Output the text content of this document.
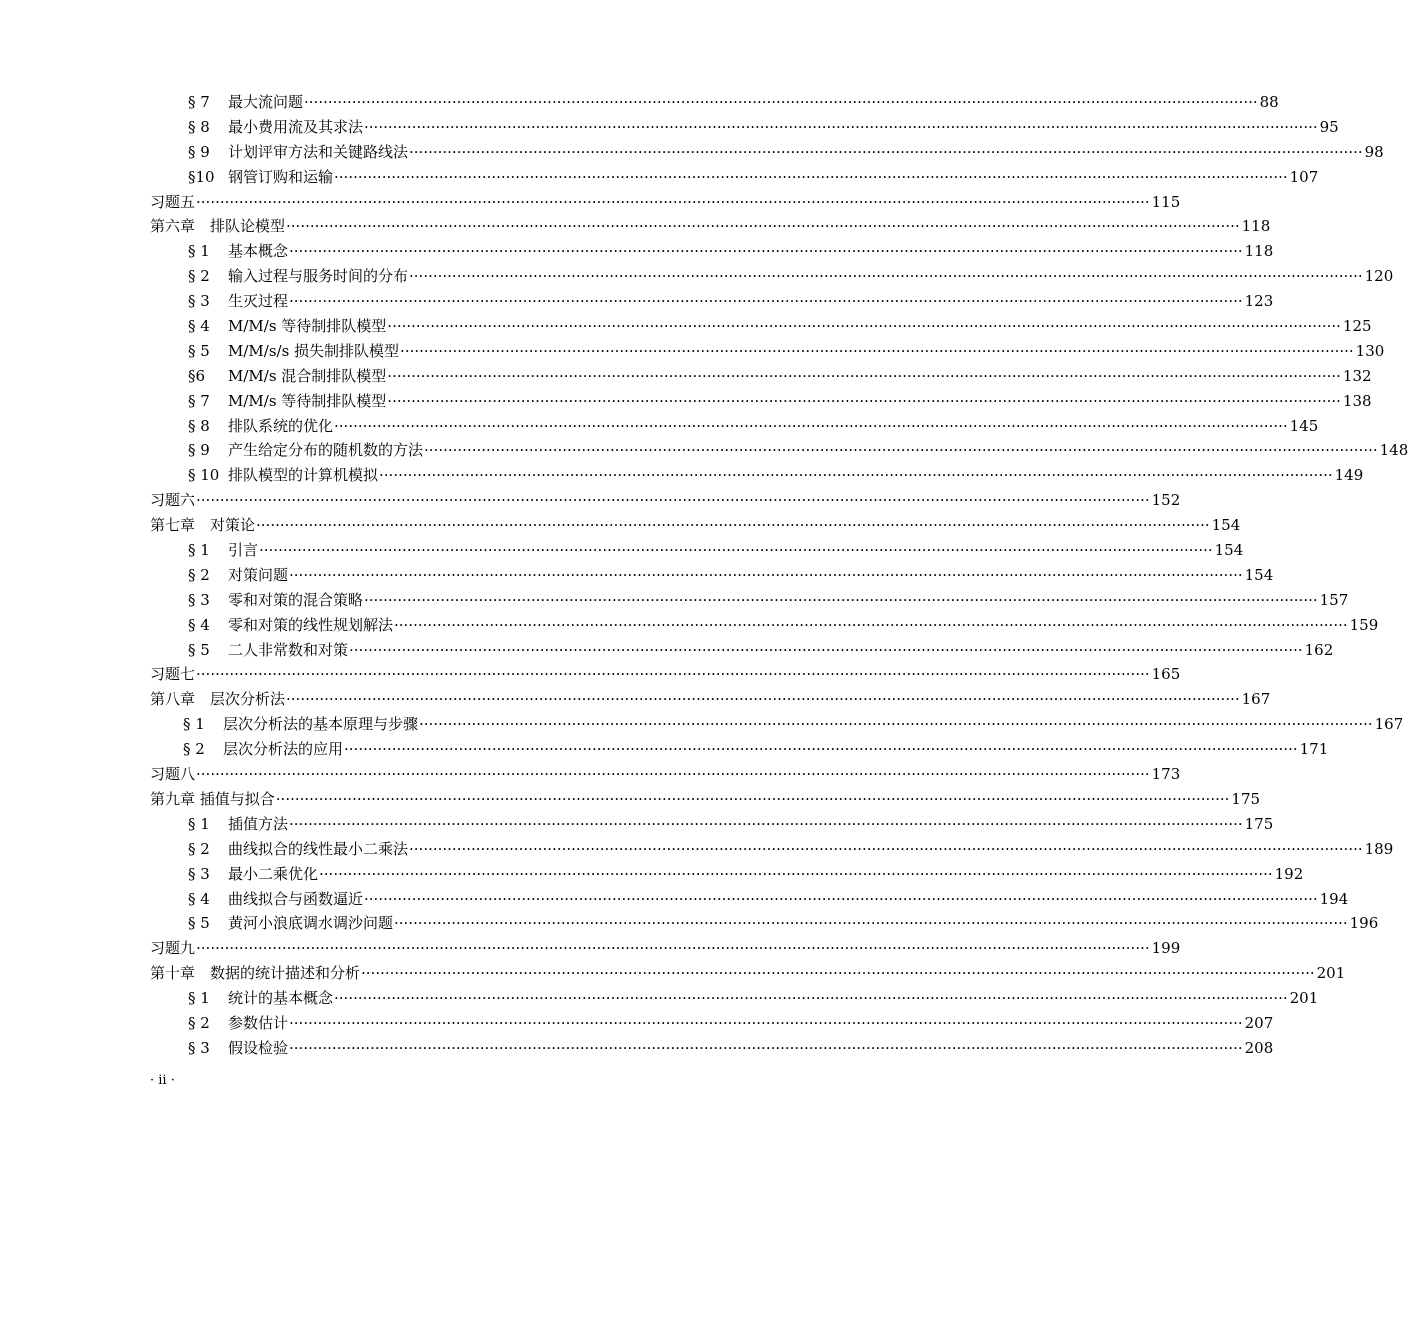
§ 7	最大流问题 ········································································································································································································ 88
§ 8	最小费用流及其求法 ········································································································································································································ 95
§ 9	计划评审方法和关键路线法 ········································································································································································································ 98
§10 钢管订购和运输 ········································································································································································································ 107
习题五 ········································································································································································································ 115
第六章　排队论模型 ········································································································································································································ 118
§ 1	基本概念 ········································································································································································································ 118
§ 2	输入过程与服务时间的分布 ········································································································································································································ 120
§ 3	生灭过程 ········································································································································································································ 123
§ 4	M/M/s 等待制排队模型 ········································································································································································································ 125
§ 5	M/M/s/s 损失制排队模型 ········································································································································································································ 130
§6	M/M/s 混合制排队模型 ········································································································································································································ 132
§ 7	M/M/s 等待制排队模型 ········································································································································································································ 138
§ 8	排队系统的优化 ········································································································································································································ 145
§ 9	产生给定分布的随机数的方法 ········································································································································································································ 148
§ 10 排队模型的计算机模拟 ········································································································································································································ 149
习题六 ········································································································································································································ 152
第七章　对策论 ········································································································································································································ 154
§ 1	引言 ········································································································································································································ 154
§ 2	对策问题 ········································································································································································································ 154
§ 3	零和对策的混合策略 ········································································································································································································ 157
§ 4	零和对策的线性规划解法 ········································································································································································································ 159
§ 5	二人非常数和对策 ········································································································································································································ 162
习题七 ········································································································································································································ 165
第八章　层次分析法 ········································································································································································································ 167
§ 1	层次分析法的基本原理与步骤 ········································································································································································································ 167
§ 2	层次分析法的应用 ········································································································································································································ 171
习题八 ········································································································································································································ 173
第九章 插值与拟合 ········································································································································································································ 175
§ 1	插值方法 ········································································································································································································ 175
§ 2	曲线拟合的线性最小二乘法 ········································································································································································································ 189
§ 3	最小二乘优化 ········································································································································································································ 192
§ 4	曲线拟合与函数逼近 ········································································································································································································ 194
§ 5	黄河小浪底调水调沙问题 ········································································································································································································ 196
习题九 ········································································································································································································ 199
第十章　数据的统计描述和分析 ········································································································································································································ 201
§ 1	统计的基本概念 ········································································································································································································ 201
§ 2	参数估计 ········································································································································································································ 207
§ 3	假设检验 ········································································································································································································ 208
· ii ·
